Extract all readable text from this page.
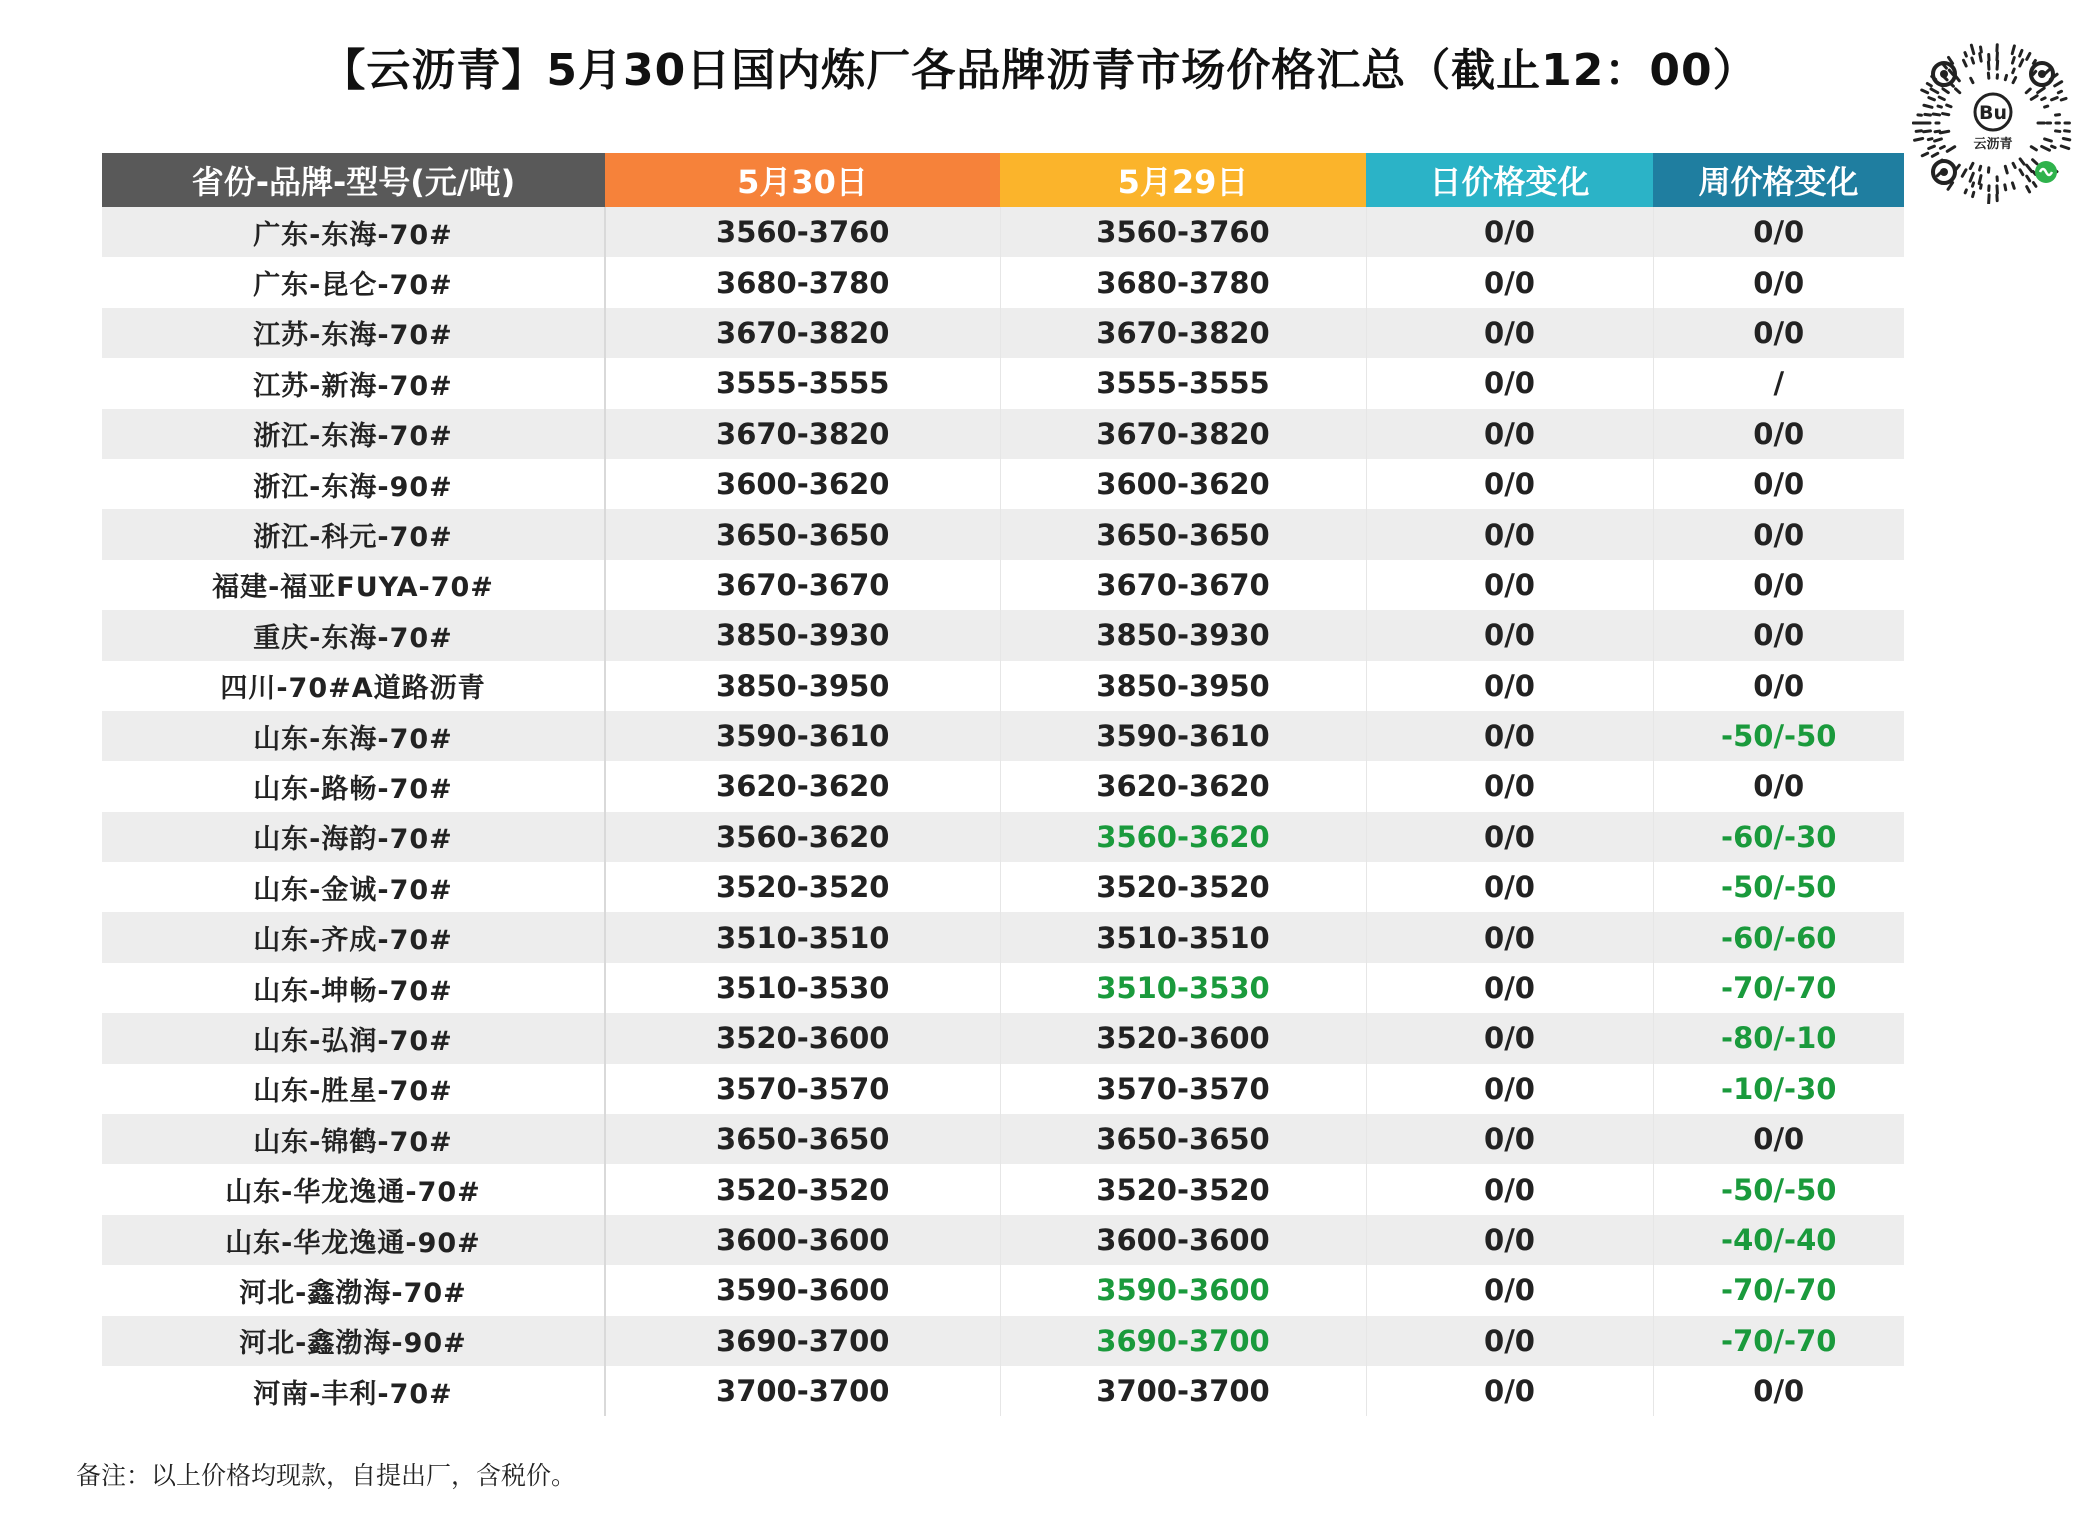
【云沥青】5月30日国内炼厂各品牌沥青市场价格汇总（截止12：00）
Bu
云沥青
省份-品牌-型号(元/吨)	5月30日	5月29日	日价格变化	周价格变化
广东-东海-70#	3560-3760	3560-3760	0/0	0/0
广东-昆仑-70#	3680-3780	3680-3780	0/0	0/0
江苏-东海-70#	3670-3820	3670-3820	0/0	0/0
江苏-新海-70#	3555-3555	3555-3555	0/0	/
浙江-东海-70#	3670-3820	3670-3820	0/0	0/0
浙江-东海-90#	3600-3620	3600-3620	0/0	0/0
浙江-科元-70#	3650-3650	3650-3650	0/0	0/0
福建-福亚FUYA-70#	3670-3670	3670-3670	0/0	0/0
重庆-东海-70#	3850-3930	3850-3930	0/0	0/0
四川-70#A道路沥青	3850-3950	3850-3950	0/0	0/0
山东-东海-70#	3590-3610	3590-3610	0/0	-50/-50
山东-路畅-70#	3620-3620	3620-3620	0/0	0/0
山东-海韵-70#	3560-3620	3560-3620	0/0	-60/-30
山东-金诚-70#	3520-3520	3520-3520	0/0	-50/-50
山东-齐成-70#	3510-3510	3510-3510	0/0	-60/-60
山东-坤畅-70#	3510-3530	3510-3530	0/0	-70/-70
山东-弘润-70#	3520-3600	3520-3600	0/0	-80/-10
山东-胜星-70#	3570-3570	3570-3570	0/0	-10/-30
山东-锦鹤-70#	3650-3650	3650-3650	0/0	0/0
山东-华龙逸通-70#	3520-3520	3520-3520	0/0	-50/-50
山东-华龙逸通-90#	3600-3600	3600-3600	0/0	-40/-40
河北-鑫渤海-70#	3590-3600	3590-3600	0/0	-70/-70
河北-鑫渤海-90#	3690-3700	3690-3700	0/0	-70/-70
河南-丰利-70#	3700-3700	3700-3700	0/0	0/0
备注：以上价格均现款，自提出厂，含税价。
